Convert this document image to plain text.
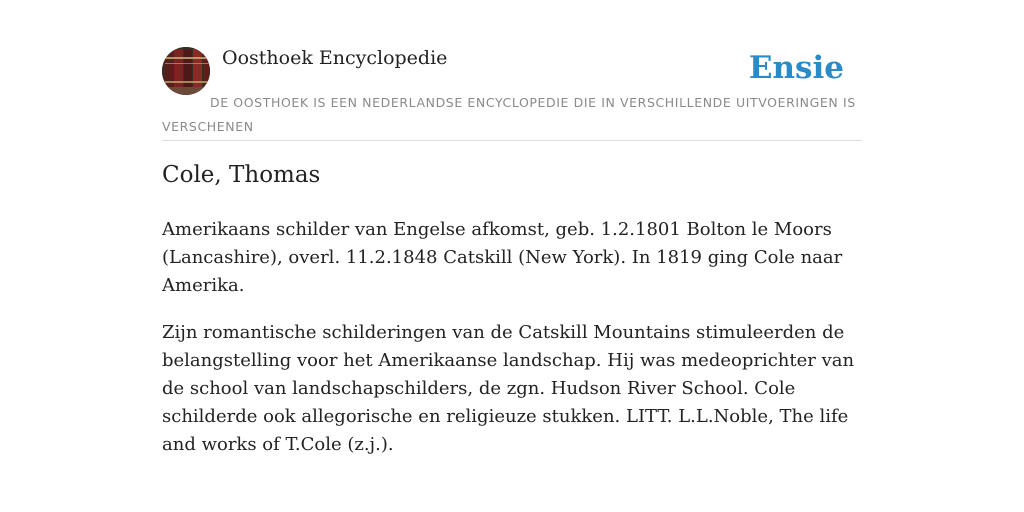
Oosthoek Encyclopedie	Ensie
DE OOSTHOEK IS EEN NEDERLANDSE ENCYCLOPEDIE DIE IN VERSCHILLENDE UITVOERINGEN IS VERSCHENEN
Cole, Thomas

Amerikaans schilder van Engelse afkomst, geb. 1.2.1801 Bolton le Moors (Lancashire), overl. 11.2.1848 Catskill (New York). In 1819 ging Cole naar Amerika.

Zijn romantische schilderingen van de Catskill Mountains stimuleerden de belangstelling voor het Amerikaanse landschap. Hij was medeoprichter van de school van landschapschilders, de zgn. Hudson River School. Cole schilderde ook allegorische en religieuze stukken. LITT. L.L.Noble, The life and works of T.Cole (z.j.).
